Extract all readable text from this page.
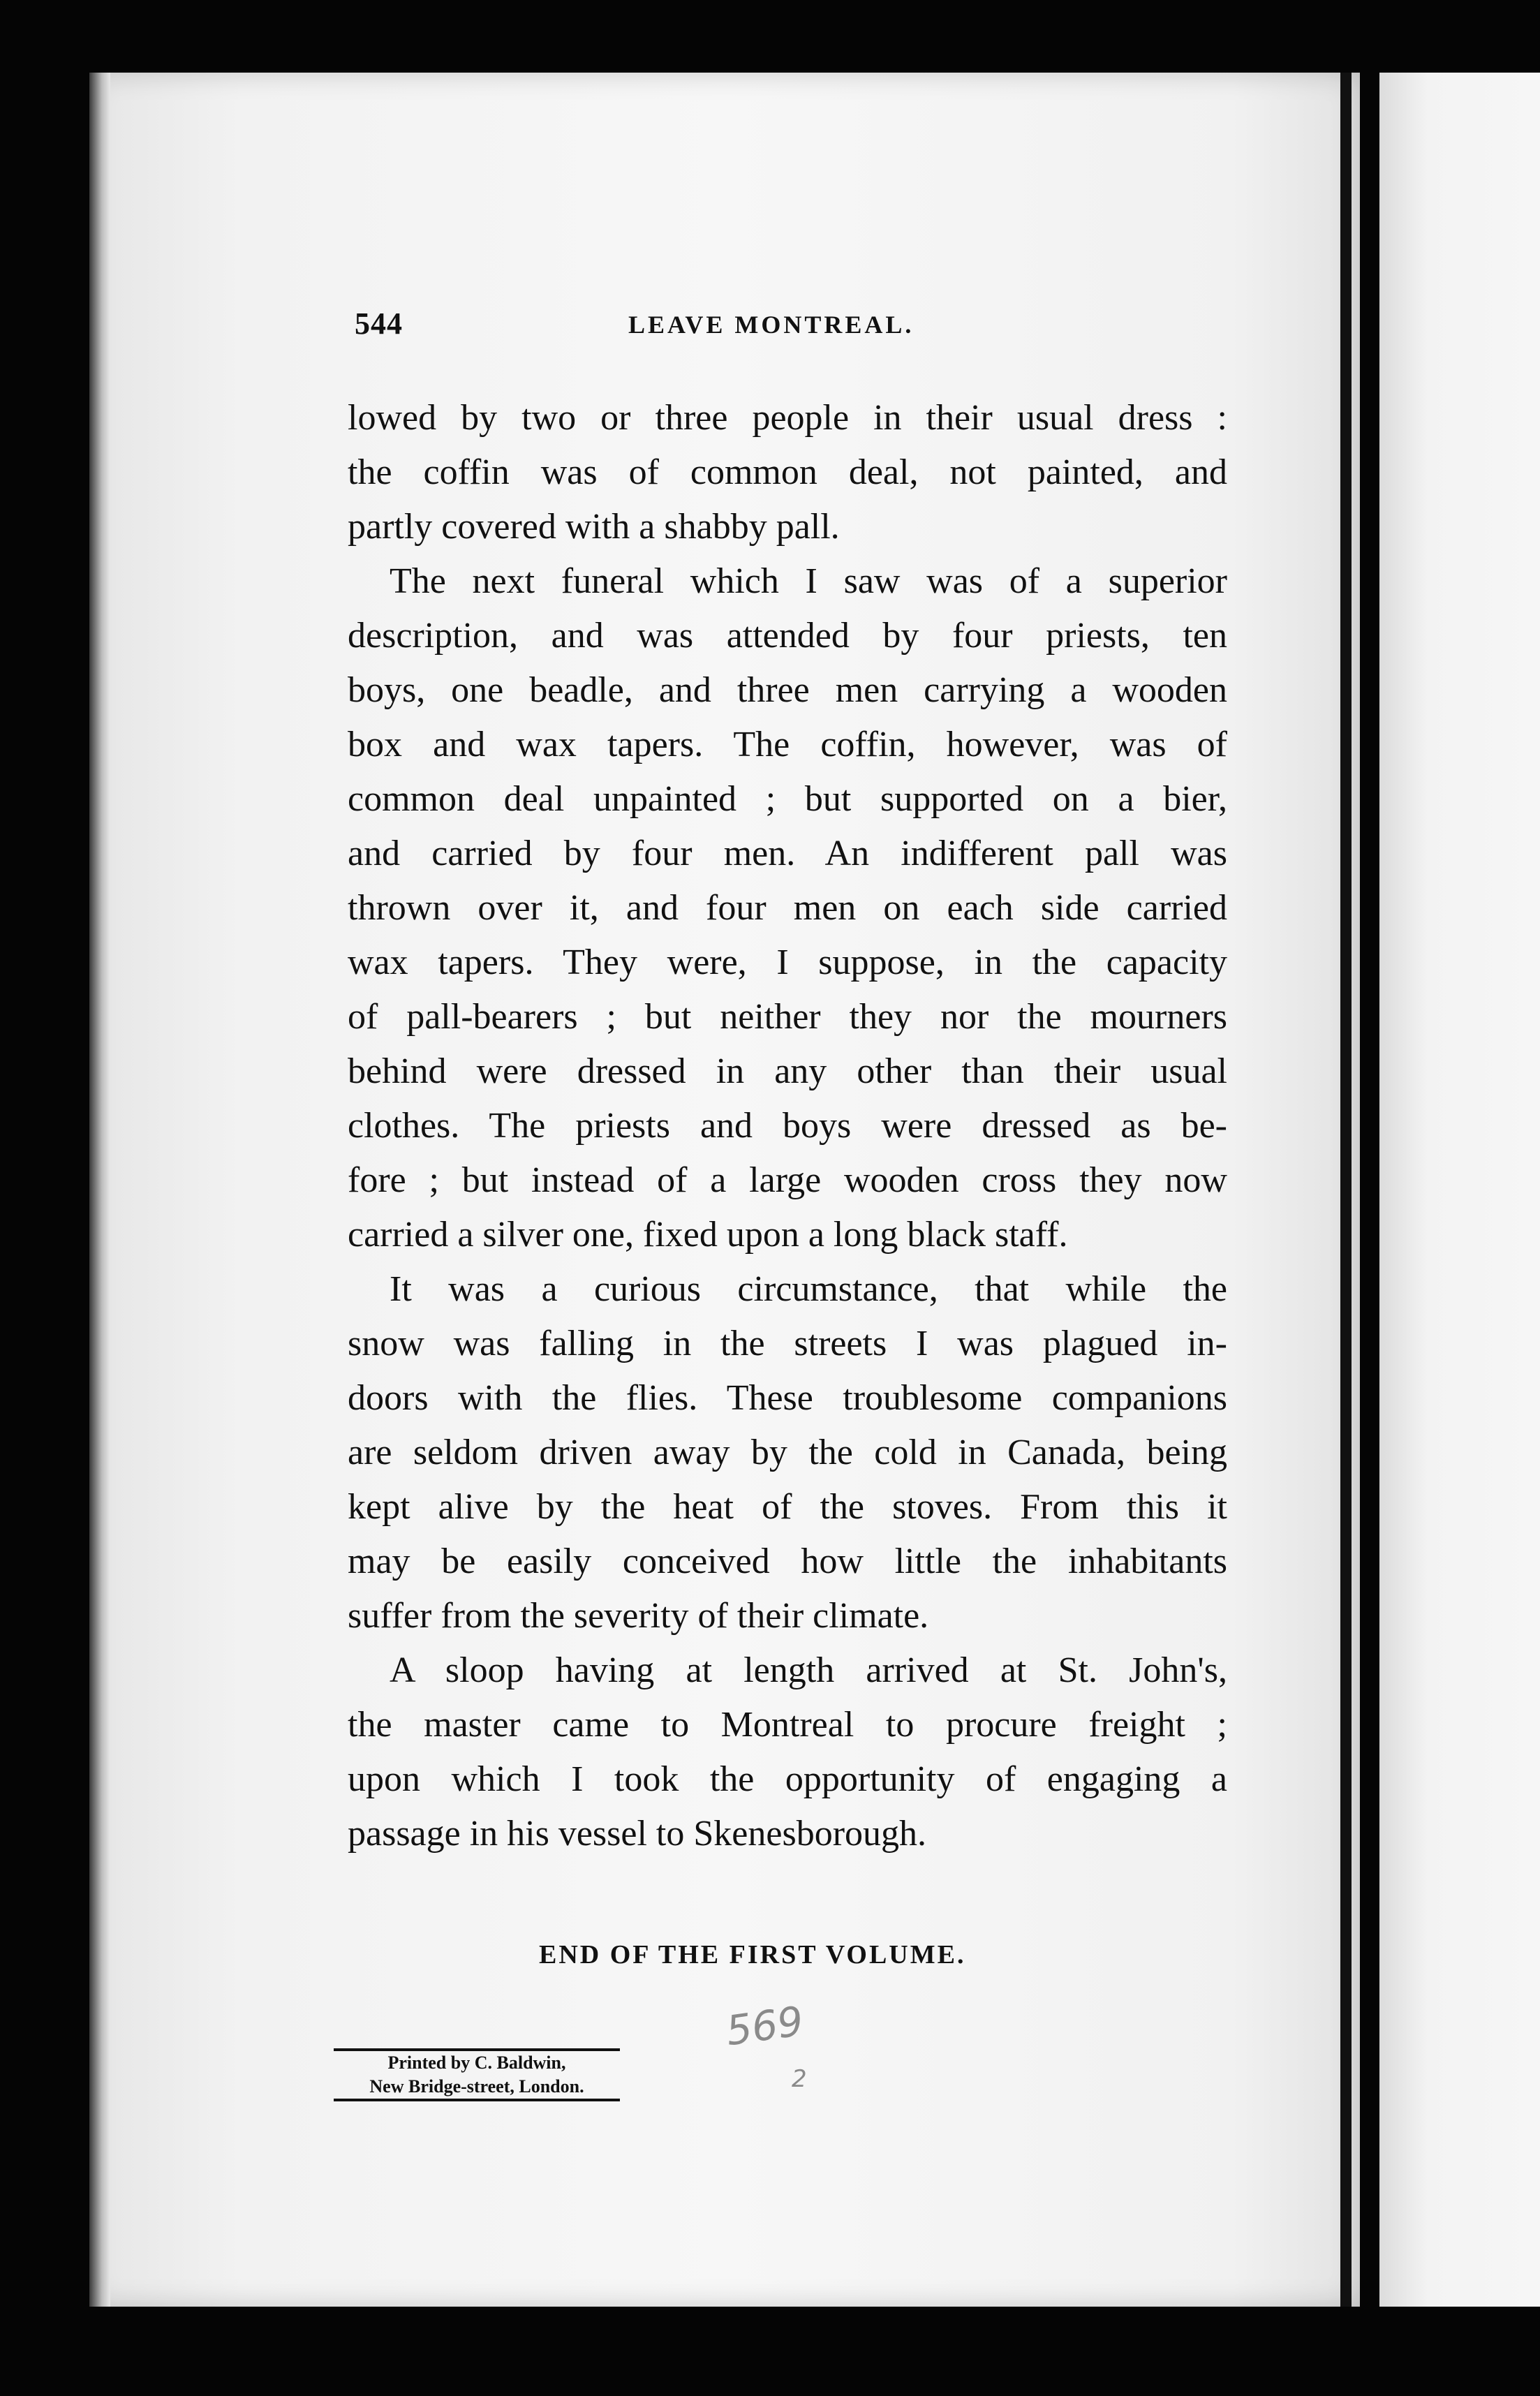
544	LEAVE MONTREAL.
lowed by two or three people in their usual dress :
the coffin was of common deal, not painted, and
partly covered with a shabby pall.
The next funeral which I saw was of a superior
description, and was attended by four priests, ten
boys, one beadle, and three men carrying a wooden
box and wax tapers. The coffin, however, was of
common deal unpainted ; but supported on a bier,
and carried by four men. An indifferent pall was
thrown over it, and four men on each side carried
wax tapers. They were, I suppose, in the capacity
of pall-bearers ; but neither they nor the mourners
behind were dressed in any other than their usual
clothes. The priests and boys were dressed as be-
fore ; but instead of a large wooden cross they now
carried a silver one, fixed upon a long black staff.
It was a curious circumstance, that while the
snow was falling in the streets I was plagued in-
doors with the flies. These troublesome companions
are seldom driven away by the cold in Canada, being
kept alive by the heat of the stoves. From this it
may be easily conceived how little the inhabitants
suffer from the severity of their climate.
A sloop having at length arrived at St. John's,
the master came to Montreal to procure freight ;
upon which I took the opportunity of engaging a
passage in his vessel to Skenesborough.
END OF THE FIRST VOLUME.
Printed by C. Baldwin,
New Bridge-street, London.
569
2
